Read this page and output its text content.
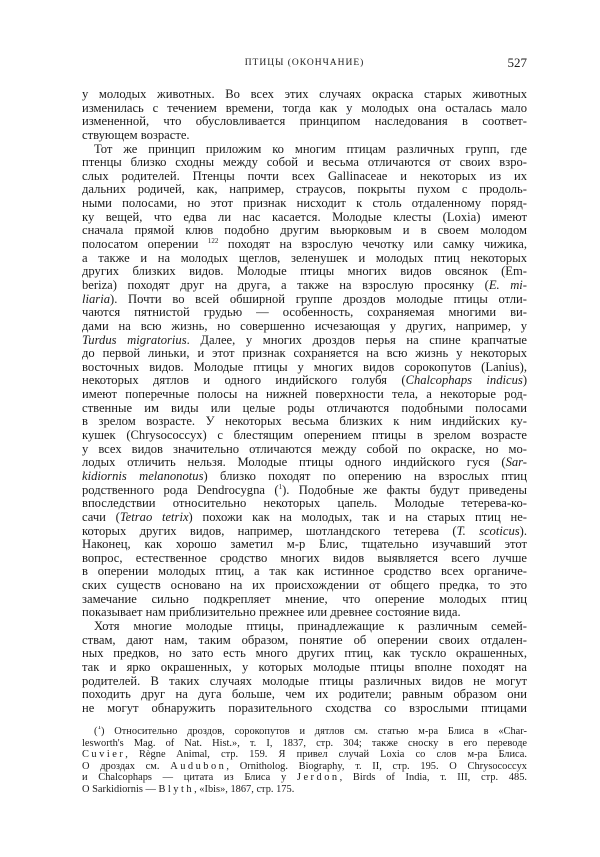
ПТИЦЫ (ОКОНЧАНИЕ)	527
у молодых животных. Во всех этих случаях окраска старых животных
изменилась с течением времени, тогда как у молодых она осталась мало
измененной, что обусловливается принципом наследования в соответ-
ствующем возрасте.
Тот же принцип приложим ко многим птицам различных групп, где
птенцы близко сходны между собой и весьма отличаются от своих взро-
слых родителей. Птенцы почти всех Gallinaceae и некоторых из их
дальних родичей, как, например, страусов, покрыты пухом с продоль-
ными полосами, но этот признак нисходит к столь отдаленному поряд-
ку вещей, что едва ли нас касается. Молодые клесты (Loxia) имеют
сначала прямой клюв подобно другим вьюрковым и в своем молодом
полосатом оперении $^{122}$ походят на взрослую чечотку или самку чижика,
а также и на молодых щеглов, зеленушек и молодых птиц некоторых
других близких видов. Молодые птицы многих видов овсянок (Em-
beriza) походят друг на друга, а также на взрослую просянку (E. mi-
liaria). Почти во всей обширной группе дроздов молодые птицы отли-
чаются пятнистой грудью — особенность, сохраняемая многими ви-
дами на всю жизнь, но совершенно исчезающая у других, например, у
Turdus migratorius. Далее, у многих дроздов перья на спине крапчатые
до первой линьки, и этот признак сохраняется на всю жизнь у некоторых
восточных видов. Молодые птицы у многих видов сорокопутов (Lanius),
некоторых дятлов и одного индийского голубя (Chalcophaps indicus)
имеют поперечные полосы на нижней поверхности тела, а некоторые род-
ственные им виды или целые роды отличаются подобными полосами
в зрелом возрасте. У некоторых весьма близких к ним индийских ку-
кушек (Chrysococcyx) с блестящим оперением птицы в зрелом возрасте
у всех видов значительно отличаются между собой по окраске, но мо-
лодых отличить нельзя. Молодые птицы одного индийского гуся (Sar-
kidiornis melanonotus) близко походят по оперению на взрослых птиц
родственного рода Dendrocygna ($^1$). Подобные же факты будут приведены
впоследствии относительно некоторых цапель. Молодые тетерева-ко-
сачи (Tetrao tetrix) похожи как на молодых, так и на старых птиц не-
которых других видов, например, шотландского тетерева (T. scoticus).
Наконец, как хорошо заметил м-р Блис, тщательно изучавший этот
вопрос, естественное сродство многих видов выявляется всего лучше
в оперении молодых птиц, а так как истинное сродство всех органиче-
ских существ основано на их происхождении от общего предка, то это
замечание сильно подкрепляет мнение, что оперение молодых птиц
показывает нам приблизительно прежнее или древнее состояние вида.
Хотя многие молодые птицы, принадлежащие к различным семей-
ствам, дают нам, таким образом, понятие об оперении своих отдален-
ных предков, но зато есть много других птиц, как тускло окрашенных,
так и ярко окрашенных, у которых молодые птицы вполне походят на
родителей. В таких случаях молодые птицы различных видов не могут
походить друг на дуга больше, чем их родители; равным образом они
не могут обнаружить поразительного сходства со взрослыми птицами
($^1$) Относительно дроздов, сорокопутов и дятлов см. статью м-ра Блиса в «Char-
lesworth's Mag. of Nat. Hist.», т. I, 1837, стр. 304; также сноску в его переводе
Cuvier, Règne Animal, стр. 159. Я привел случай Loxia со слов м-ра Блиса.
О дроздах см. Audubon, Ornitholog. Biography, т. II, стр. 195. О Chrysococcyx
и Chalcophaps — цитата из Блиса у Jerdon, Birds of India, т. III, стр. 485.
О Sarkidiornis — Blyth, «Ibis», 1867, стр. 175.
